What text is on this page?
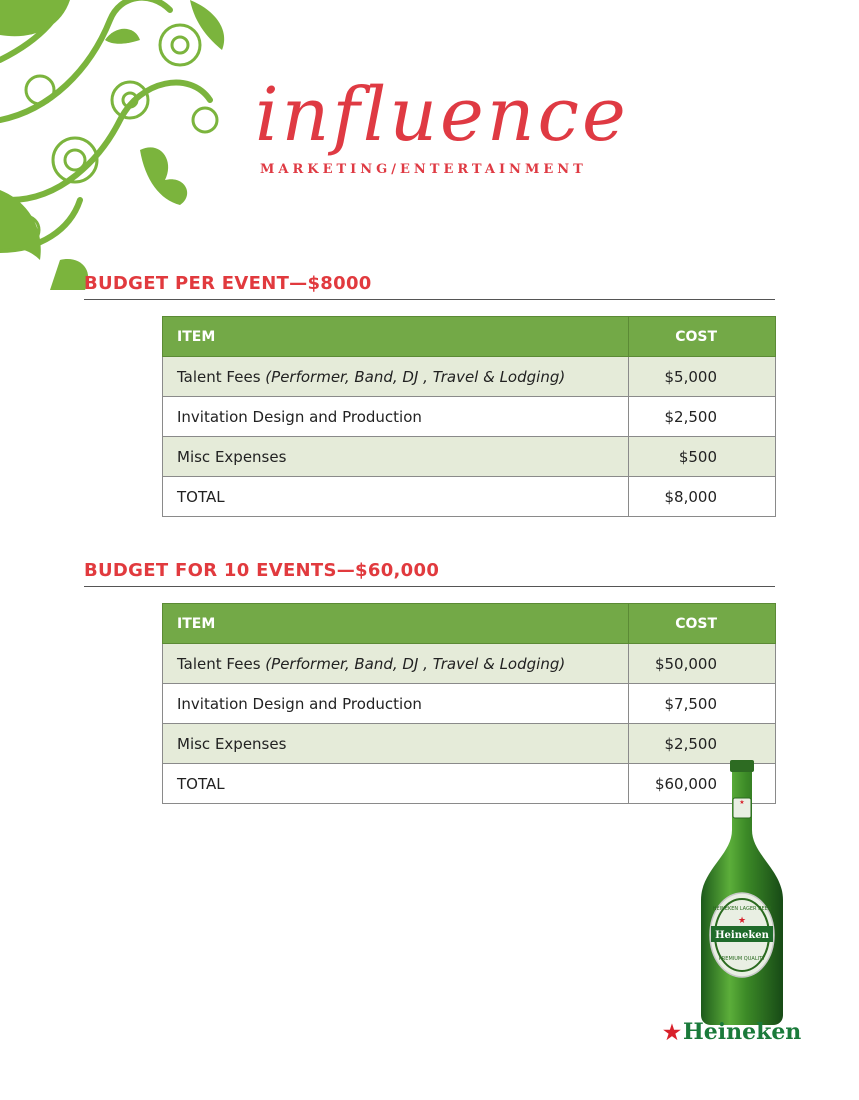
influence
MARKETING/ENTERTAINMENT
BUDGET PER EVENT—$8000
ITEM	COST
Talent Fees (Performer, Band, DJ , Travel & Lodging)	$5,000
Invitation Design and Production	$2,500
Misc Expenses	$500
TOTAL	$8,000
BUDGET FOR 10 EVENTS—$60,000
ITEM	COST
Talent Fees (Performer, Band, DJ , Travel & Lodging)	$50,000
Invitation Design and Production	$7,500
Misc Expenses	$2,500
TOTAL	$60,000
★
HEINEKEN LAGER BEER
★
Heineken
PREMIUM QUALITY
★Heineken
